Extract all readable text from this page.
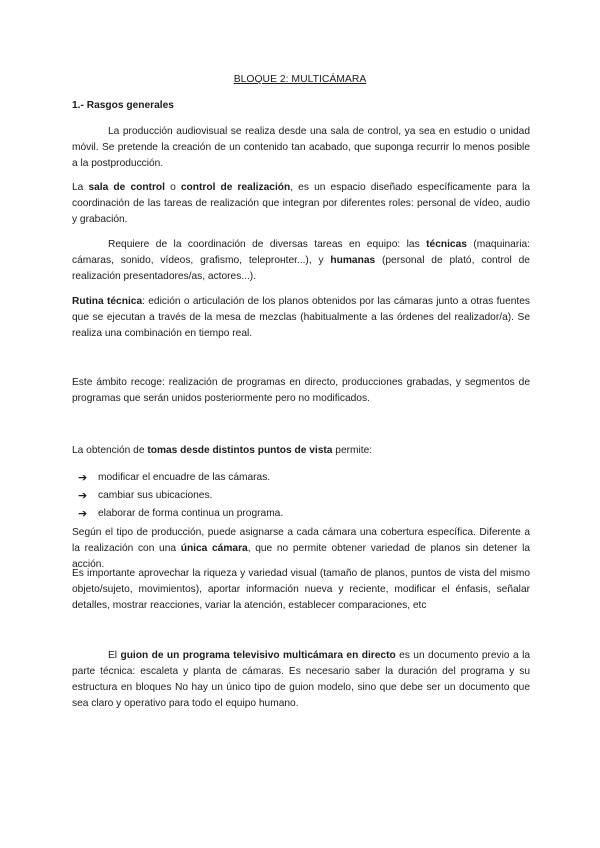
BLOQUE 2: MULTICÁMARA
1.- Rasgos generales

La producción audiovisual se realiza desde una sala de control, ya sea en estudio o unidad móvil. Se pretende la creación de un contenido tan acabado, que suponga recurrir lo menos posible a la postproducción.

La sala de control o control de realización, es un espacio diseñado específicamente para la coordinación de las tareas de realización que integran por diferentes roles: personal de vídeo, audio y grabación.

Requiere de la coordinación de diversas tareas en equipo: las técnicas (maquinaria: cámaras, sonido, vídeos, grafismo, teleprонter...), y humanas (personal de plató, control de realización presentadores/as, actores...).

Rutina técnica: edición o articulación de los planos obtenidos por las cámaras junto a otras fuentes que se ejecutan a través de la mesa de mezclas (habitualmente a las órdenes del realizador/a). Se realiza una combinación en tiempo real.

Este ámbito recoge: realización de programas en directo, producciones grabadas, y segmentos de programas que serán unidos posteriormente pero no modificados.

La obtención de tomas desde distintos puntos de vista permite:

➔	modificar el encuadre de las cámaras.
➔	cambiar sus ubicaciones.
➔	elaborar de forma continua un programa.

Según el tipo de producción, puede asignarse a cada cámara una cobertura específica. Diferente a la realización con una única cámara, que no permite obtener variedad de planos sin detener la acción.

Es importante aprovechar la riqueza y variedad visual (tamaño de planos, puntos de vista del mismo objeto/sujeto, movimientos), aportar información nueva y reciente, modificar el énfasis, señalar detalles, mostrar reacciones, variar la atención, establecer comparaciones, etc

El guion de un programa televisivo multicámara en directo es un documento previo a la parte técnica: escaleta y planta de cámaras. Es necesario saber la duración del programa y su estructura en bloques No hay un único tipo de guion modelo, sino que debe ser un documento que sea claro y operativo para todo el equipo humano.
